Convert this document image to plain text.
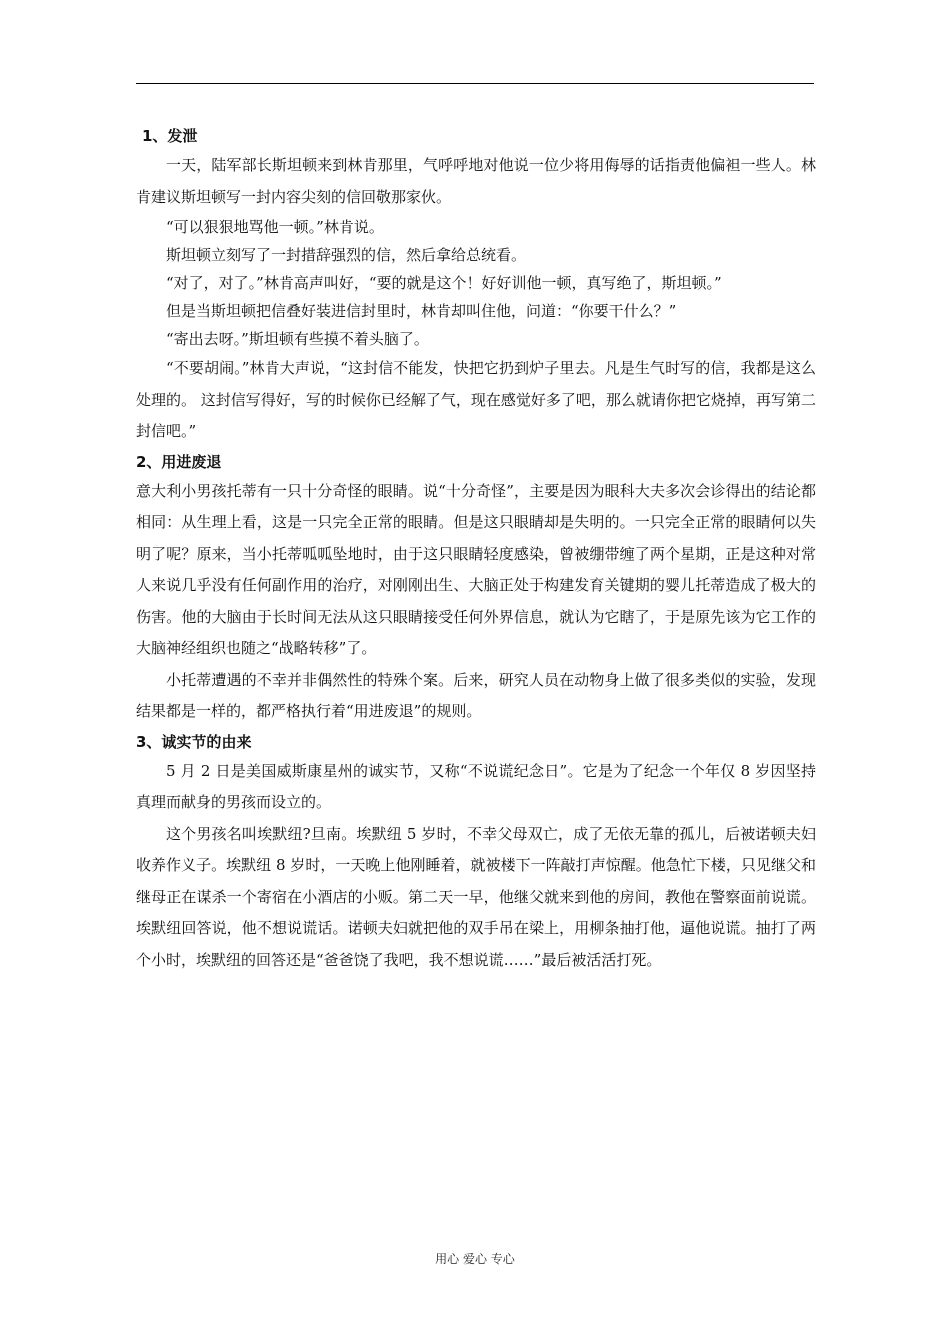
1、发泄

一天，陆军部长斯坦顿来到林肯那里，气呼呼地对他说一位少将用侮辱的话指责他偏袒一些人。林肯建议斯坦顿写一封内容尖刻的信回敬那家伙。

“可以狠狠地骂他一顿。”林肯说。

斯坦顿立刻写了一封措辞强烈的信，然后拿给总统看。

“对了，对了。”林肯高声叫好，“要的就是这个！好好训他一顿，真写绝了，斯坦顿。”

但是当斯坦顿把信叠好装进信封里时，林肯却叫住他，问道：“你要干什么？”

“寄出去呀。”斯坦顿有些摸不着头脑了。

“不要胡闹。”林肯大声说，“这封信不能发，快把它扔到炉子里去。凡是生气时写的信，我都是这么处理的。 这封信写得好，写的时候你已经解了气，现在感觉好多了吧，那么就请你把它烧掉，再写第二封信吧。”

2、用进废退

意大利小男孩托蒂有一只十分奇怪的眼睛。说“十分奇怪”，主要是因为眼科大夫多次会诊得出的结论都相同：从生理上看，这是一只完全正常的眼睛。但是这只眼睛却是失明的。一只完全正常的眼睛何以失明了呢？原来，当小托蒂呱呱坠地时，由于这只眼睛轻度感染，曾被绷带缠了两个星期，正是这种对常人来说几乎没有任何副作用的治疗，对刚刚出生、大脑正处于构建发育关键期的婴儿托蒂造成了极大的伤害。他的大脑由于长时间无法从这只眼睛接受任何外界信息，就认为它瞎了，于是原先该为它工作的大脑神经组织也随之“战略转移”了。

小托蒂遭遇的不幸并非偶然性的特殊个案。后来，研究人员在动物身上做了很多类似的实验，发现结果都是一样的，都严格执行着“用进废退”的规则。

3、诚实节的由来

5 月 2 日是美国威斯康星州的诚实节，又称“不说谎纪念日”。它是为了纪念一个年仅 8 岁因坚持真理而献身的男孩而设立的。

这个男孩名叫埃默纽?旦南。埃默纽 5 岁时，不幸父母双亡，成了无依无靠的孤儿，后被诺顿夫妇收养作义子。埃默纽 8 岁时，一天晚上他刚睡着，就被楼下一阵敲打声惊醒。他急忙下楼，只见继父和继母正在谋杀一个寄宿在小酒店的小贩。第二天一早，他继父就来到他的房间，教他在警察面前说谎。埃默纽回答说，他不想说谎话。诺顿夫妇就把他的双手吊在梁上，用柳条抽打他，逼他说谎。抽打了两个小时，埃默纽的回答还是“爸爸饶了我吧，我不想说谎……”最后被活活打死。

用心 爱心 专心
